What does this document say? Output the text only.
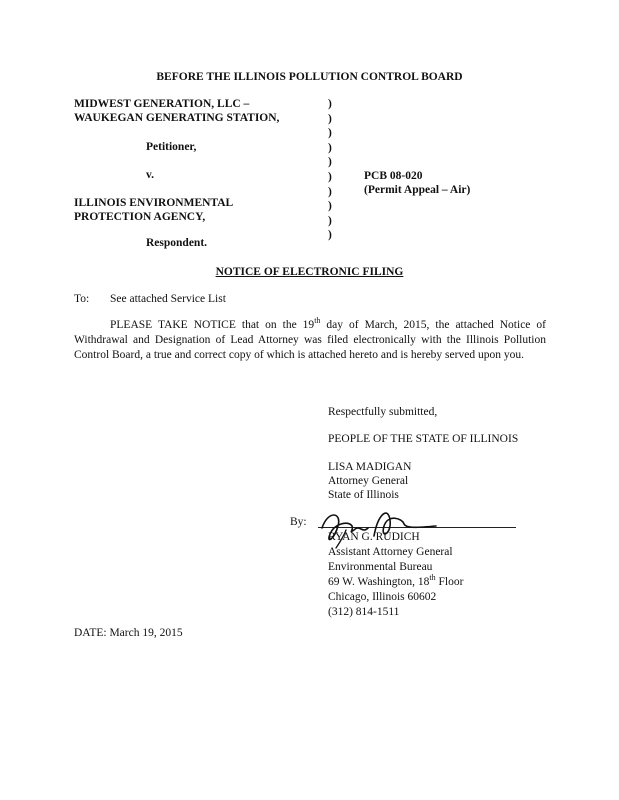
BEFORE THE ILLINOIS POLLUTION CONTROL BOARD
MIDWEST GENERATION, LLC –
WAUKEGAN GENERATING STATION,
Petitioner,
v.
ILLINOIS ENVIRONMENTAL
PROTECTION AGENCY,
Respondent.
)
)
)
)
)
)
)
)
)
)
PCB 08-020
(Permit Appeal – Air)
NOTICE OF ELECTRONIC FILING
To: See attached Service List
PLEASE TAKE NOTICE that on the 19th day of March, 2015, the attached Notice of Withdrawal and Designation of Lead Attorney was filed electronically with the Illinois Pollution Control Board, a true and correct copy of which is attached hereto and is hereby served upon you.
Respectfully submitted,
PEOPLE OF THE STATE OF ILLINOIS
LISA MADIGAN
Attorney General
State of Illinois
By:
RYAN G. RUDICH
Assistant Attorney General
Environmental Bureau
69 W. Washington, 18th Floor
Chicago, Illinois 60602
(312) 814-1511
DATE: March 19, 2015
